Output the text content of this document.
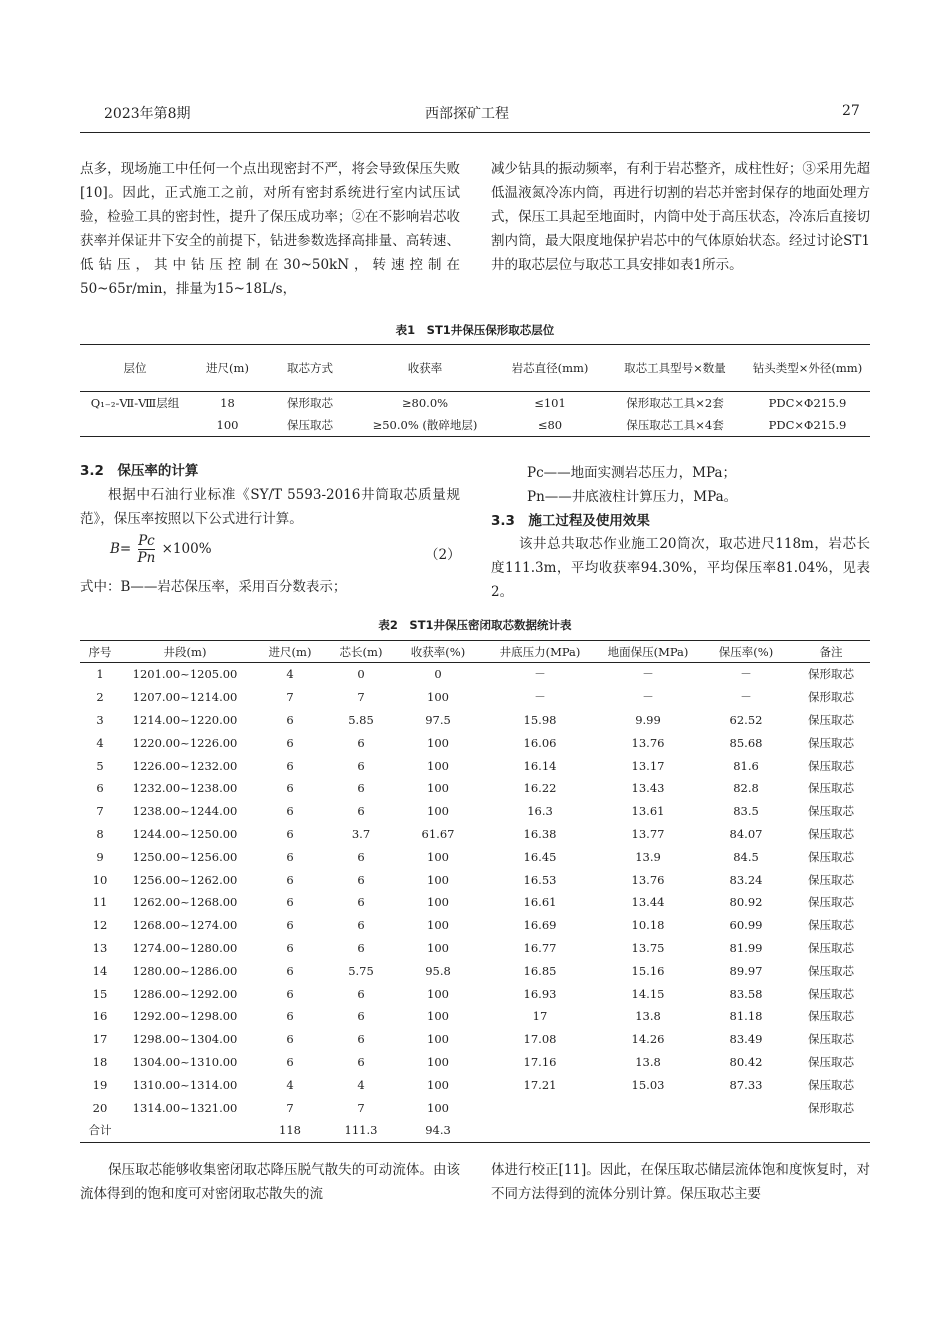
2023年第8期	西部探矿工程	27

点多，现场施工中任何一个点出现密封不严，将会导致保压失败[10]。因此，正式施工之前，对所有密封系统进行室内试压试验，检验工具的密封性，提升了保压成功率；②在不影响岩芯收获率并保证井下安全的前提下，钻进参数选择高排量、高转速、低钻压，其中钻压控制在30~50kN，转速控制在50~65r/min，排量为15~18L/s，

减少钻具的振动频率，有利于岩芯整齐，成柱性好；③采用先超低温液氮冷冻内筒，再进行切割的岩芯并密封保存的地面处理方式，保压工具起至地面时，内筒中处于高压状态，冷冻后直接切割内筒，最大限度地保护岩芯中的气体原始状态。经过讨论ST1井的取芯层位与取芯工具安排如表1所示。

表1　ST1井保压保形取芯层位
层位	进尺(m)	取芯方式	收获率	岩芯直径(mm)	取芯工具型号×数量	钻头类型×外径(mm)
Q₁₋₂-Ⅶ-Ⅷ层组	18	保形取芯	≥80.0%	≤101	保形取芯工具×2套	PDC×Φ215.9
	100	保压取芯	≥50.0% (散碎地层)	≤80	保压取芯工具×4套	PDC×Φ215.9
3.2　保压率的计算
根据中石油行业标准《SY/T 5593-2016井筒取芯质量规范》，保压率按照以下公式进行计算。
$B= \frac{Pc}{Pn} \times 100\%$	（2）
式中：B——岩芯保压率，采用百分数表示；
Pc——地面实测岩芯压力，MPa；
Pn——井底液柱计算压力，MPa。
3.3　施工过程及使用效果
该井总共取芯作业施工20筒次，取芯进尺118m，岩芯长度111.3m，平均收获率94.30%，平均保压率81.04%，见表2。
表2　ST1井保压密闭取芯数据统计表
序号	井段(m)	进尺(m)	芯长(m)	收获率(%)	井底压力(MPa)	地面保压(MPa)	保压率(%)	备注
1	1201.00~1205.00	4	0	0	－	－	－	保形取芯
2	1207.00~1214.00	7	7	100	－	－	－	保形取芯
3	1214.00~1220.00	6	5.85	97.5	15.98	9.99	62.52	保压取芯
4	1220.00~1226.00	6	6	100	16.06	13.76	85.68	保压取芯
5	1226.00~1232.00	6	6	100	16.14	13.17	81.6	保压取芯
6	1232.00~1238.00	6	6	100	16.22	13.43	82.8	保压取芯
7	1238.00~1244.00	6	6	100	16.3	13.61	83.5	保压取芯
8	1244.00~1250.00	6	3.7	61.67	16.38	13.77	84.07	保压取芯
9	1250.00~1256.00	6	6	100	16.45	13.9	84.5	保压取芯
10	1256.00~1262.00	6	6	100	16.53	13.76	83.24	保压取芯
11	1262.00~1268.00	6	6	100	16.61	13.44	80.92	保压取芯
12	1268.00~1274.00	6	6	100	16.69	10.18	60.99	保压取芯
13	1274.00~1280.00	6	6	100	16.77	13.75	81.99	保压取芯
14	1280.00~1286.00	6	5.75	95.8	16.85	15.16	89.97	保压取芯
15	1286.00~1292.00	6	6	100	16.93	14.15	83.58	保压取芯
16	1292.00~1298.00	6	6	100	17	13.8	81.18	保压取芯
17	1298.00~1304.00	6	6	100	17.08	14.26	83.49	保压取芯
18	1304.00~1310.00	6	6	100	17.16	13.8	80.42	保压取芯
19	1310.00~1314.00	4	4	100	17.21	15.03	87.33	保压取芯
20	1314.00~1321.00	7	7	100				保形取芯
合计		118	111.3	94.3				
保压取芯能够收集密闭取芯降压脱气散失的可动流体。由该流体得到的饱和度可对密闭取芯散失的流
体进行校正[11]。因此，在保压取芯储层流体饱和度恢复时，对不同方法得到的流体分别计算。保压取芯主要
